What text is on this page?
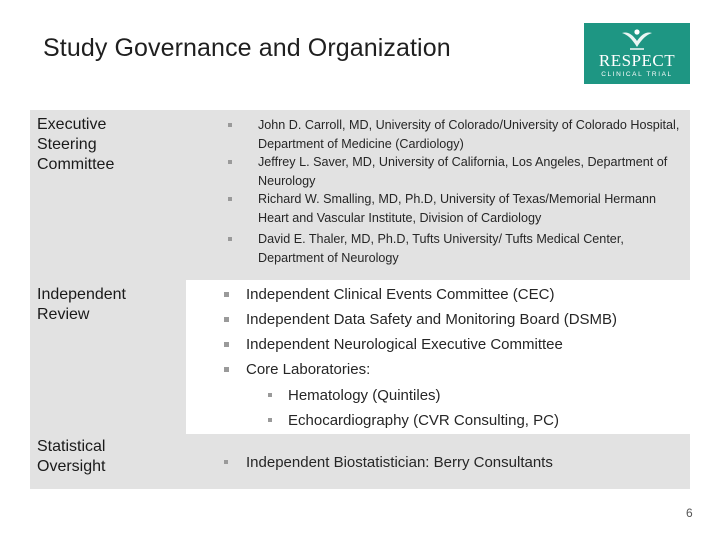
Study Governance and Organization	RESPECT
CLINICAL TRIAL
Executive Steering Committee
John D. Carroll, MD, University of Colorado/University of Colorado Hospital, Department of Medicine (Cardiology)
Jeffrey L. Saver, MD, University of California, Los Angeles, Department of Neurology
Richard W. Smalling, MD, Ph.D, University of Texas/Memorial Hermann Heart and Vascular Institute, Division of Cardiology
David E. Thaler, MD, Ph.D, Tufts University/ Tufts Medical Center, Department of Neurology
Independent Review
Independent Clinical Events Committee (CEC)
Independent Data Safety and Monitoring Board (DSMB)
Independent Neurological Executive Committee
Core Laboratories:
Hematology (Quintiles)
Echocardiography (CVR Consulting, PC)
Statistical Oversight	Independent Biostatistician: Berry Consultants
6
